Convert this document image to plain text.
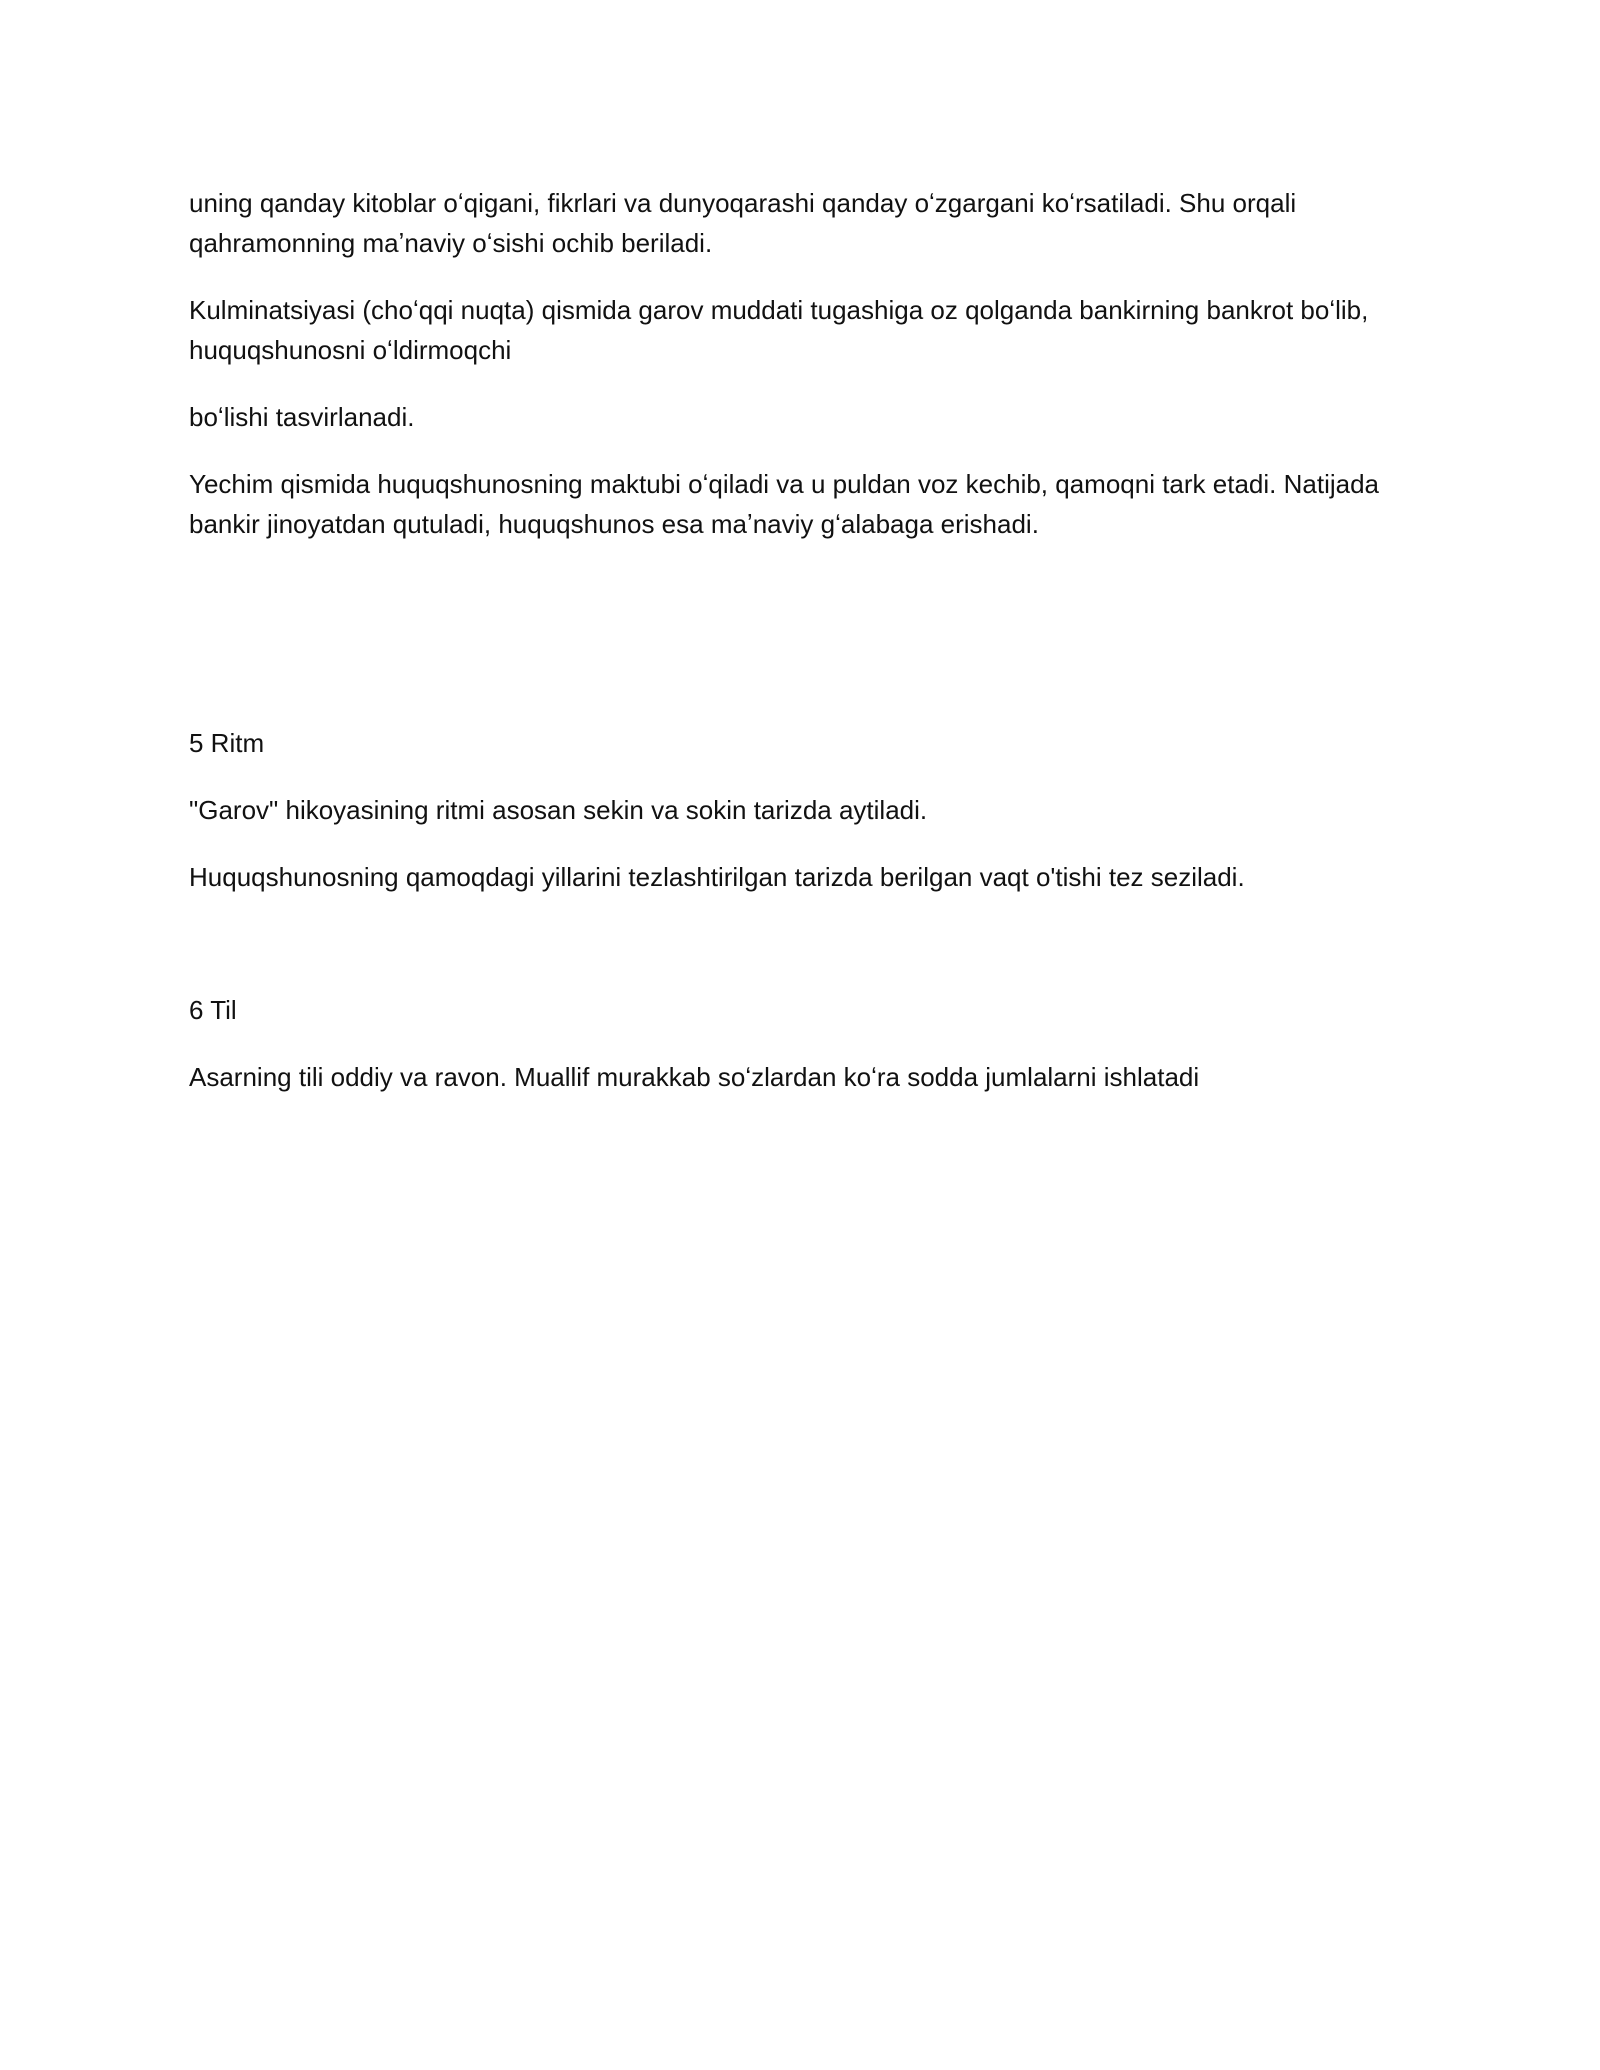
uning qanday kitoblar oʻqigani, fikrlari va dunyoqarashi qanday oʻzgargani koʻrsatiladi. Shu orqali qahramonning maʼnaviy oʻsishi ochib beriladi.

Kulminatsiyasi (choʻqqi nuqta) qismida garov muddati tugashiga oz qolganda bankirning bankrot boʻlib, huquqshunosni oʻldirmoqchi

boʻlishi tasvirlanadi.

Yechim qismida huquqshunosning maktubi oʻqiladi va u puldan voz kechib, qamoqni tark etadi. Natijada bankir jinoyatdan qutuladi, huquqshunos esa maʼnaviy gʻalabaga erishadi.

5 Ritm

"Garov" hikoyasining ritmi asosan sekin va sokin tarizda aytiladi.

Huquqshunosning qamoqdagi yillarini tezlashtirilgan tarizda berilgan vaqt o'tishi tez seziladi.

6 Til

Asarning tili oddiy va ravon. Muallif murakkab soʻzlardan koʻra sodda jumlalarni ishlatadi
